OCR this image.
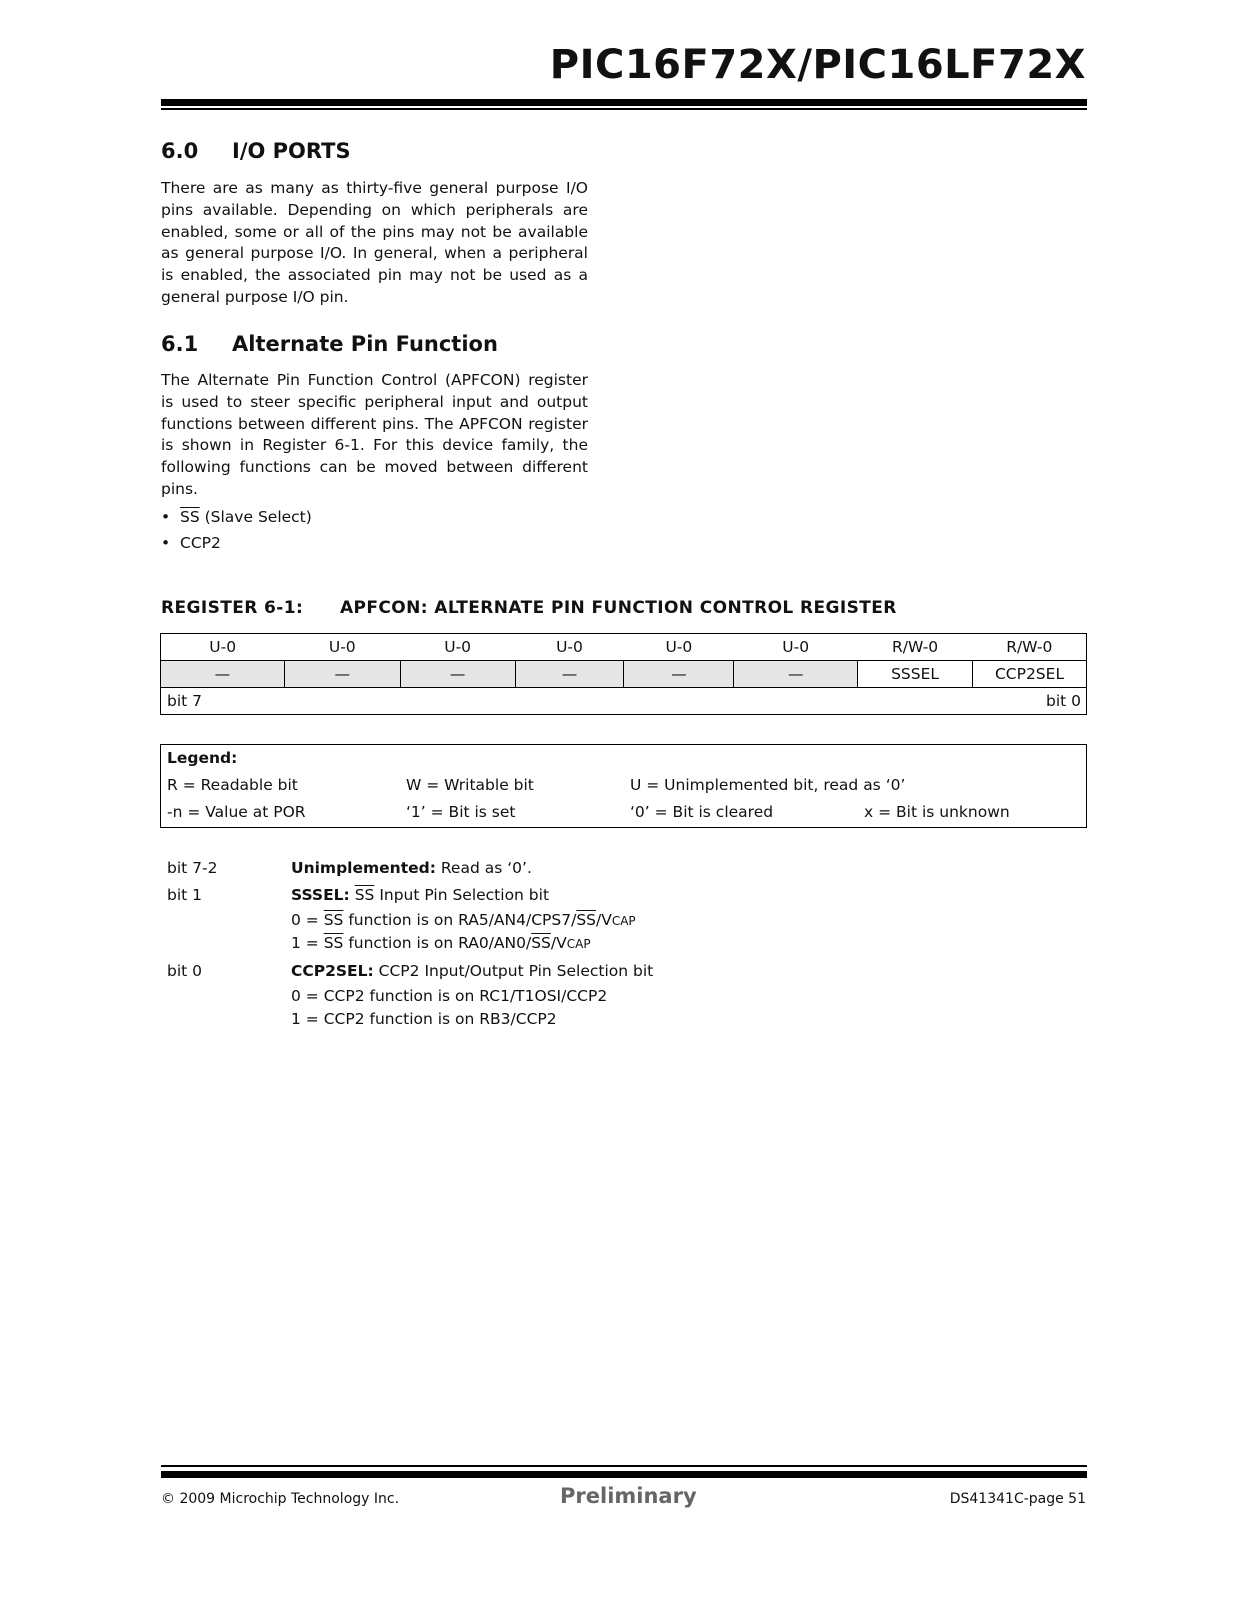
PIC16F72X/PIC16LF72X
6.0 I/O PORTS
There are as many as thirty-five general purpose I/O pins available. Depending on which peripherals are enabled, some or all of the pins may not be available as general purpose I/O. In general, when a peripheral is enabled, the associated pin may not be used as a general purpose I/O pin.
6.1 Alternate Pin Function
The Alternate Pin Function Control (APFCON) register is used to steer specific peripheral input and output functions between different pins. The APFCON register is shown in Register 6-1. For this device family, the following functions can be moved between different pins.
•  $\overline{SS}$ (Slave Select)
•  CCP2
REGISTER 6-1: APFCON: ALTERNATE PIN FUNCTION CONTROL REGISTER
U-0	U-0	U-0	U-0	U-0	U-0	R/W-0	R/W-0
—	—	—	—	—	—	SSSEL	CCP2SEL
bit 7				bit 0			
Legend:
R = Readable bit	W = Writable bit	U = Unimplemented bit, read as ‘0’
-n = Value at POR	‘1’ = Bit is set	‘0’ = Bit is cleared	x = Bit is unknown
bit 7-2	Unimplemented: Read as ‘0’.
bit 1	SSSEL: $\overline{SS}$ Input Pin Selection bit
$0 = \overline{SS}$ function is on $RA5/AN4/CPS7/\overline{SS}$/VCAP
$1 = \overline{SS}$ function is on $RA0/AN0/\overline{SS}$/VCAP
bit 0	CCP2SEL: CCP2 Input/Output Pin Selection bit
0 = CCP2 function is on RC1/T1OSI/CCP2
1 = CCP2 function is on RB3/CCP2
© 2009 Microchip Technology Inc.	Preliminary	DS41341C-page 51
